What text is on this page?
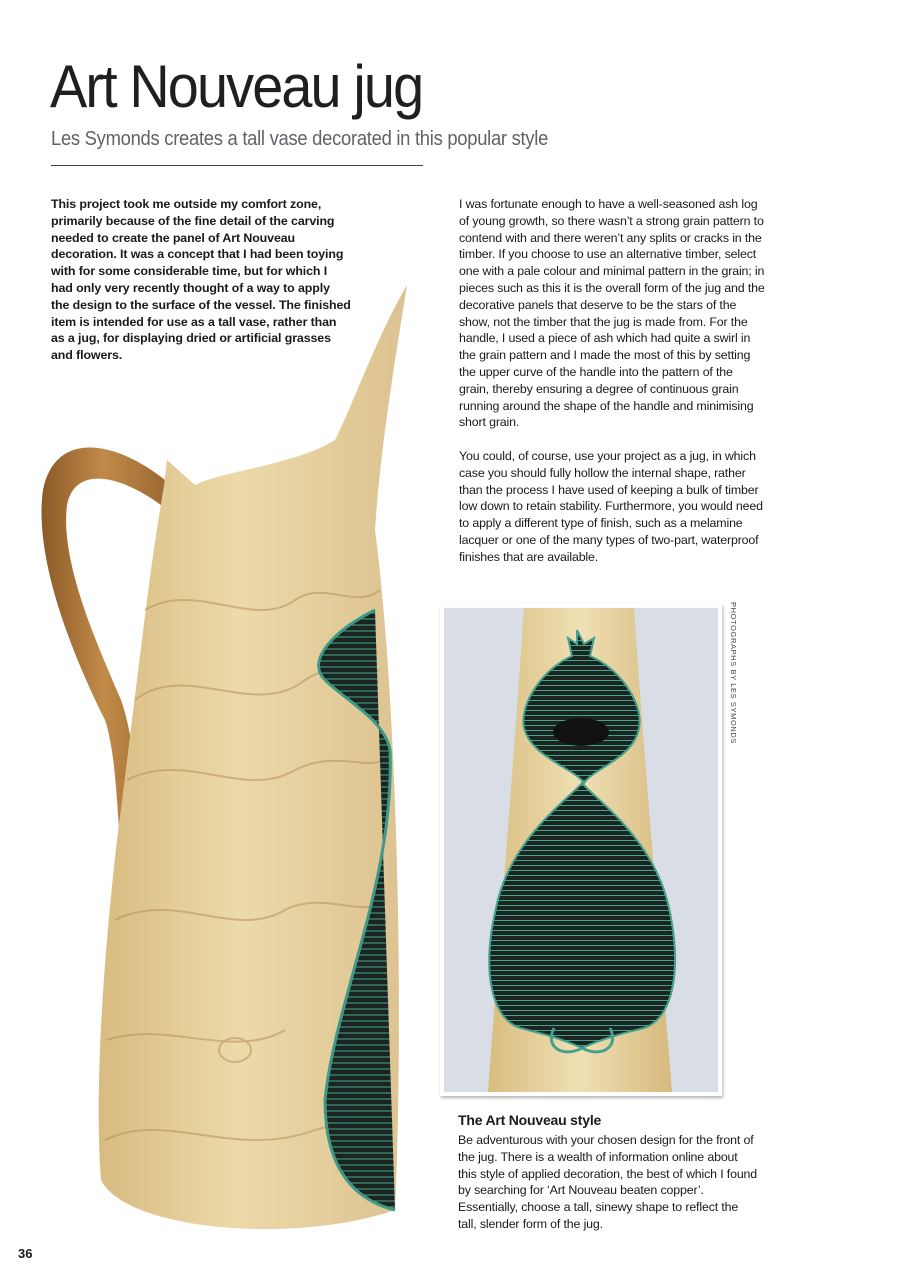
Art Nouveau jug
Les Symonds creates a tall vase decorated in this popular style

This project took me outside my comfort zone, primarily because of the fine detail of the carving needed to create the panel of Art Nouveau decoration. It was a concept that I had been toying with for some considerable time, but for which I had only very recently thought of a way to apply the design to the surface of the vessel. The finished item is intended for use as a tall vase, rather than as a jug, for displaying dried or artificial grasses and flowers.

I was fortunate enough to have a well-seasoned ash log of young growth, so there wasn’t a strong grain pattern to contend with and there weren’t any splits or cracks in the timber. If you choose to use an alternative timber, select one with a pale colour and minimal pattern in the grain; in pieces such as this it is the overall form of the jug and the decorative panels that deserve to be the stars of the show, not the timber that the jug is made from. For the handle, I used a piece of ash which had quite a swirl in the grain pattern and I made the most of this by setting the upper curve of the handle into the pattern of the grain, thereby ensuring a degree of continuous grain running around the shape of the handle and minimising short grain.

You could, of course, use your project as a jug, in which case you should fully hollow the internal shape, rather than the process I have used of keeping a bulk of timber low down to retain stability. Furthermore, you would need to apply a different type of finish, such as a melamine lacquer or one of the many types of two-part, waterproof finishes that are available.

PHOTOGRAPHS BY LES SYMONDS
The Art Nouveau style

Be adventurous with your chosen design for the front of the jug. There is a wealth of information online about this style of applied decoration, the best of which I found by searching for ‘Art Nouveau beaten copper’. Essentially, choose a tall, sinewy shape to reflect the tall, slender form of the jug.

36
